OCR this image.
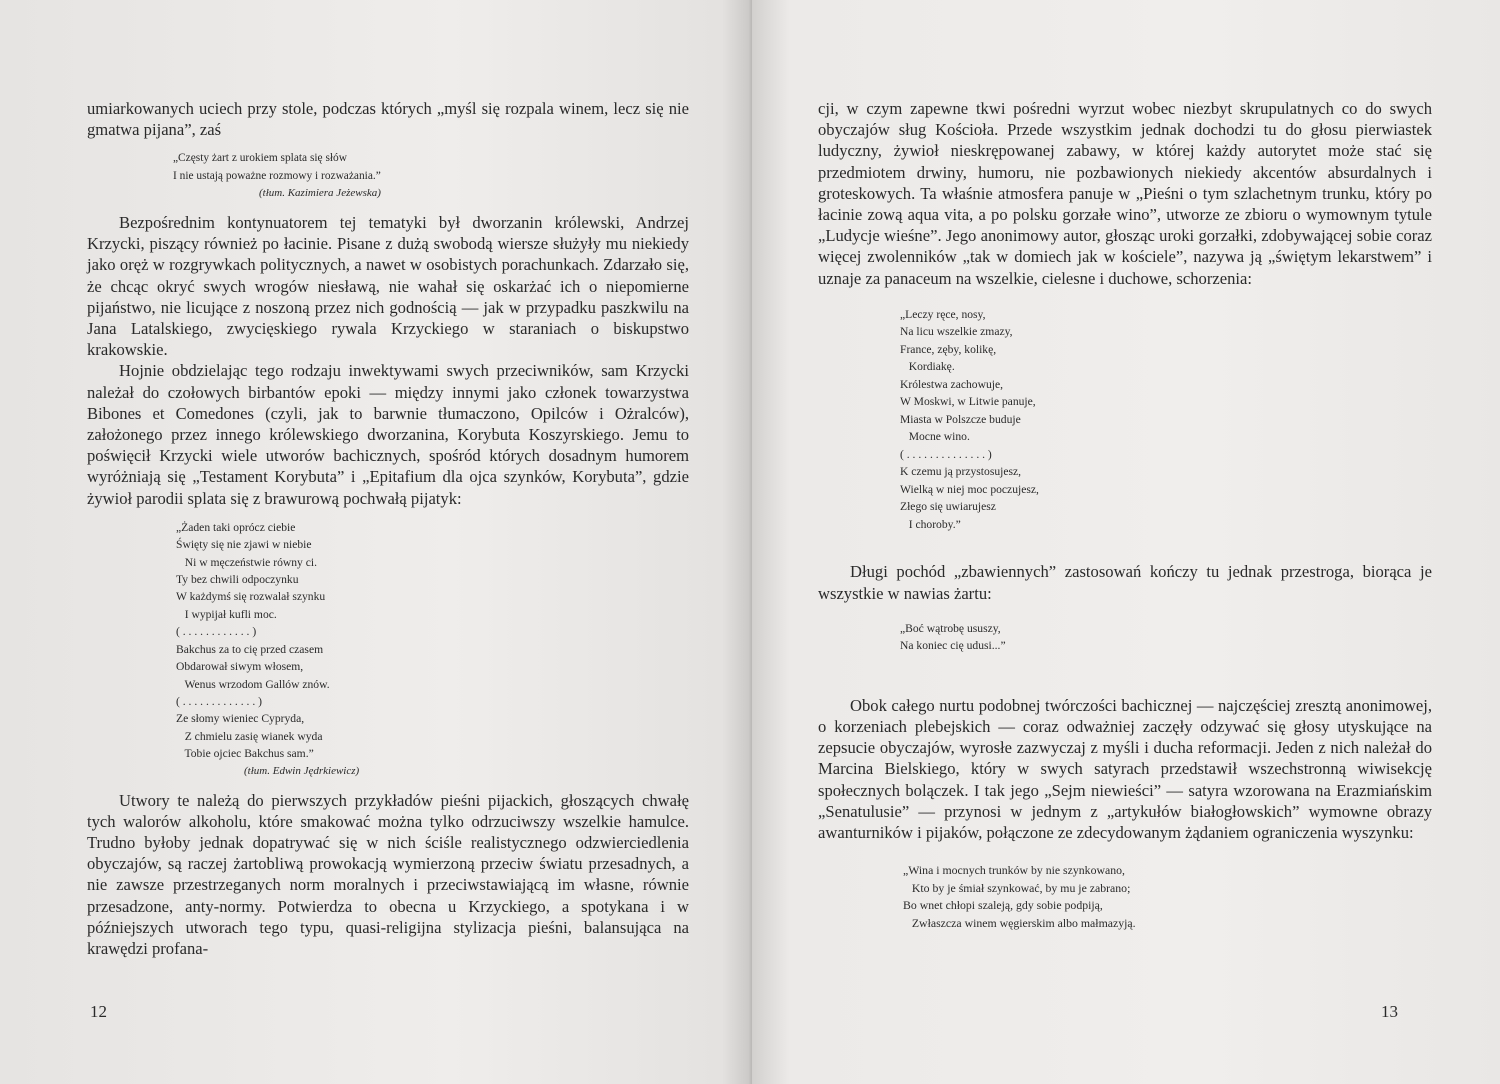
umiarkowanych uciech przy stole, podczas których „myśl się rozpala winem, lecz się nie gmatwa pijana”, zaś

„Częsty żart z urokiem splata się słów
I nie ustają poważne rozmowy i rozważania.”
(tłum. Kazimiera Jeżewska)

Bezpośrednim kontynuatorem tej tematyki był dworzanin królewski, Andrzej Krzycki, piszący również po łacinie. Pisane z dużą swobodą wiersze służyły mu niekiedy jako oręż w rozgrywkach politycznych, a nawet w osobistych porachunkach. Zdarzało się, że chcąc okryć swych wrogów niesławą, nie wahał się oskarżać ich o niepomierne pijaństwo, nie licujące z noszoną przez nich godnością — jak w przypadku paszkwilu na Jana Latalskiego, zwycięskiego rywala Krzyckiego w staraniach o biskupstwo krakowskie.

Hojnie obdzielając tego rodzaju inwektywami swych przeciwników, sam Krzycki należał do czołowych birbantów epoki — między innymi jako członek towarzystwa Bibones et Comedones (czyli, jak to barwnie tłumaczono, Opilców i Ożralców), założonego przez innego królewskiego dworzanina, Korybuta Koszyrskiego. Jemu to poświęcił Krzycki wiele utworów bachicznych, spośród których dosadnym humorem wyróżniają się „Testament Korybuta” i „Epitafium dla ojca szynków, Korybuta”, gdzie żywioł parodii splata się z brawurową pochwałą pijatyk:

„Żaden taki oprócz ciebie
Święty się nie zjawi w niebie
Ni w męczeństwie równy ci.
Ty bez chwili odpoczynku
W każdymś się rozwalał szynku
I wypijał kufli moc.
( . . . . . . . . . . . . )
Bakchus za to cię przed czasem
Obdarował siwym włosem,
Wenus wrzodom Gallów znów.
( . . . . . . . . . . . . . )
Ze słomy wieniec Cypryda,
Z chmielu zasię wianek wyda
Tobie ojciec Bakchus sam.”
(tłum. Edwin Jędrkiewicz)

Utwory te należą do pierwszych przykładów pieśni pijackich, głoszących chwałę tych walorów alkoholu, które smakować można tylko odrzuciwszy wszelkie hamulce. Trudno byłoby jednak dopatrywać się w nich ściśle realistycznego odzwierciedlenia obyczajów, są raczej żartobliwą prowokacją wymierzoną przeciw światu przesadnych, a nie zawsze przestrzeganych norm moralnych i przeciwstawiającą im własne, równie przesadzone, anty-normy. Potwierdza to obecna u Krzyckiego, a spotykana i w późniejszych utworach tego typu, quasi-religijna stylizacja pieśni, balansująca na krawędzi profana-

12

cji, w czym zapewne tkwi pośredni wyrzut wobec niezbyt skrupulatnych co do swych obyczajów sług Kościoła. Przede wszystkim jednak dochodzi tu do głosu pierwiastek ludyczny, żywioł nieskrępowanej zabawy, w której każdy autorytet może stać się przedmiotem drwiny, humoru, nie pozbawionych niekiedy akcentów absurdalnych i groteskowych. Ta właśnie atmosfera panuje w „Pieśni o tym szlachetnym trunku, który po łacinie zową aqua vita, a po polsku gorzałe wino”, utworze ze zbioru o wymownym tytule „Ludycje wieśne”. Jego anonimowy autor, głosząc uroki gorzałki, zdobywającej sobie coraz więcej zwolenników „tak w domiech jak w kościele”, nazywa ją „świętym lekarstwem” i uznaje za panaceum na wszelkie, cielesne i duchowe, schorzenia:

„Leczy ręce, nosy,
Na licu wszelkie zmazy,
France, zęby, kolikę,
Kordiakę.
Królestwa zachowuje,
W Moskwi, w Litwie panuje,
Miasta w Polszcze buduje
Mocne wino.
( . . . . . . . . . . . . . . )
K czemu ją przystosujesz,
Wielką w niej moc poczujesz,
Złego się uwiarujesz
I choroby.”

Długi pochód „zbawiennych” zastosowań kończy tu jednak przestroga, biorąca je wszystkie w nawias żartu:

„Boć wątrobę ususzy,
Na koniec cię udusi...”

Obok całego nurtu podobnej twórczości bachicznej — najczęściej zresztą anonimowej, o korzeniach plebejskich — coraz odważniej zaczęły odzywać się głosy utyskujące na zepsucie obyczajów, wyrosłe zazwyczaj z myśli i ducha reformacji. Jeden z nich należał do Marcina Bielskiego, który w swych satyrach przedstawił wszechstronną wiwisekcję społecznych bolączek. I tak jego „Sejm niewieści” — satyra wzorowana na Erazmiańskim „Senatulusie” — przynosi w jednym z „artykułów białogłowskich” wymowne obrazy awanturników i pijaków, połączone ze zdecydowanym żądaniem ograniczenia wyszynku:

„Wina i mocnych trunków by nie szynkowano,
Kto by je śmiał szynkować, by mu je zabrano;
Bo wnet chłopi szaleją, gdy sobie podpiją,
Zwłaszcza winem węgierskim albo małmazyją.
13
